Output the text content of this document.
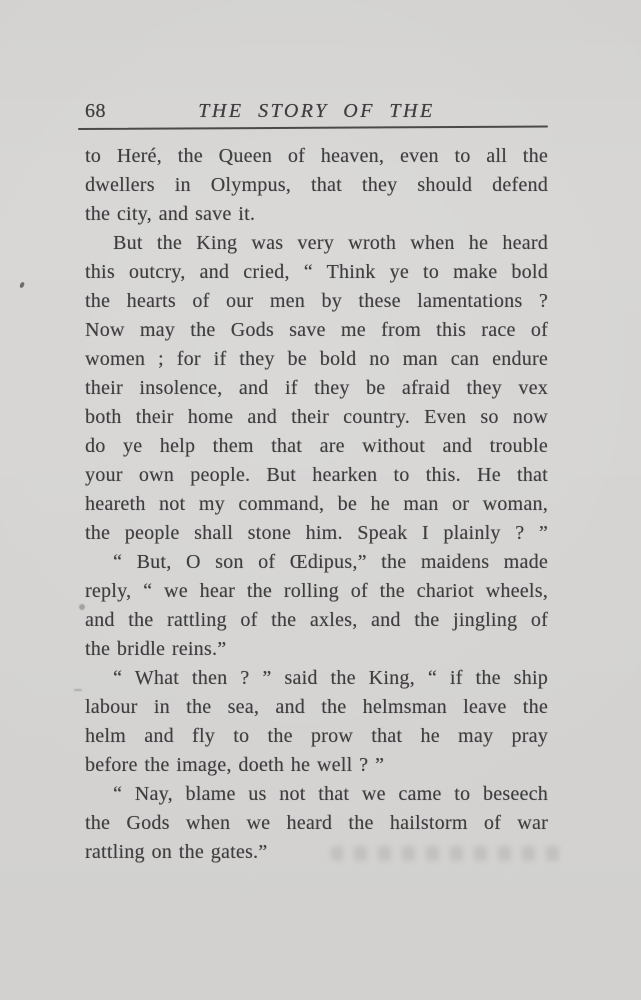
68	THE STORY OF THE

to Heré, the Queen of heaven, even to all the
dwellers in Olympus, that they should defend
the city, and save it.

But the King was very wroth when he heard
this outcry, and cried, “ Think ye to make bold
the hearts of our men by these lamentations ?
Now may the Gods save me from this race of
women ; for if they be bold no man can endure
their insolence, and if they be afraid they vex
both their home and their country. Even so now
do ye help them that are without and trouble
your own people. But hearken to this. He that
heareth not my command, be he man or woman,
the people shall stone him. Speak I plainly ? ”

“ But, O son of Œdipus,” the maidens made
reply, “ we hear the rolling of the chariot wheels,
and the rattling of the axles, and the jingling of
the bridle reins.”

“ What then ? ” said the King, “ if the ship
labour in the sea, and the helmsman leave the
helm and fly to the prow that he may pray
before the image, doeth he well ? ”

“ Nay, blame us not that we came to beseech
the Gods when we heard the hailstorm of war
rattling on the gates.”
